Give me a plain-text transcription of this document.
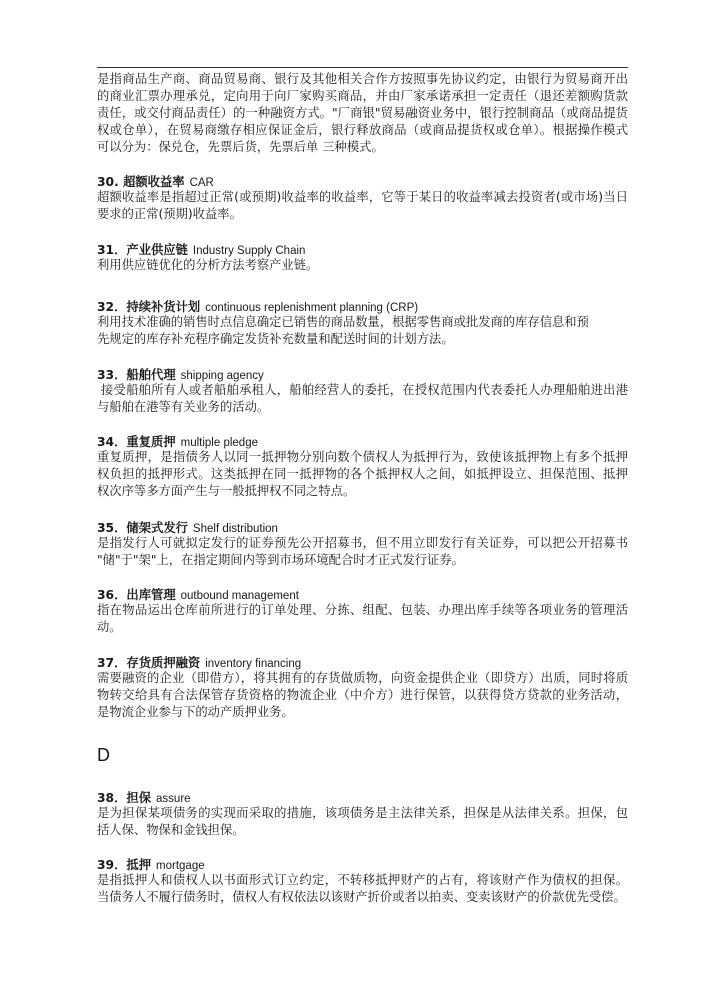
是指商品生产商、商品贸易商、银行及其他相关合作方按照事先协议约定，由银行为贸易商开出
的商业汇票办理承兑，定向用于向厂家购买商品，并由厂家承诺承担一定责任（退还差额购货款
责任，或交付商品责任）的一种融资方式。"厂商银"贸易融资业务中，银行控制商品（或商品提货
权或仓单），在贸易商缴存相应保证金后，银行释放商品（或商品提货权或仓单）。根据操作模式
可以分为：保兑仓，先票后货，先票后单 三种模式。
30. 超额收益率 CAR
超额收益率是指超过正常(或预期)收益率的收益率，它等于某日的收益率减去投资者(或市场)当日
要求的正常(预期)收益率。
31．产业供应链 Industry Supply Chain
利用供应链优化的分析方法考察产业链。
32．持续补货计划 continuous replenishment planning (CRP)
利用技术准确的销售时点信息确定已销售的商品数量，根据零售商或批发商的库存信息和预
先规定的库存补充程序确定发货补充数量和配送时间的计划方法。
33．船舶代理 shipping agency
接受船舶所有人或者船舶承租人，船舶经营人的委托，在授权范围内代表委托人办理船舶进出港
与船舶在港等有关业务的活动。
34．重复质押 multiple pledge
重复质押，是指债务人以同一抵押物分别向数个债权人为抵押行为，致使该抵押物上有多个抵押
权负担的抵押形式。这类抵押在同一抵押物的各个抵押权人之间，如抵押设立、担保范围、抵押
权次序等多方面产生与一般抵押权不同之特点。
35．储架式发行 Shelf distribution
是指发行人可就拟定发行的证券预先公开招募书，但不用立即发行有关证券，可以把公开招募书
"储"于"架"上，在指定期间内等到市场环境配合时才正式发行证券。
36．出库管理 outbound management
指在物品运出仓库前所进行的订单处理、分拣、组配、包装、办理出库手续等各项业务的管理活
动。
37．存货质押融资 inventory financing
需要融资的企业（即借方），将其拥有的存货做质物，向资金提供企业（即贷方）出质，同时将质
物转交给具有合法保管存货资格的物流企业（中介方）进行保管，以获得贷方贷款的业务活动，
是物流企业参与下的动产质押业务。
D
38．担保 assure
是为担保某项债务的实现而采取的措施，该项债务是主法律关系，担保是从法律关系。担保，包
括人保、物保和金钱担保。
39．抵押 mortgage
是指抵押人和债权人以书面形式订立约定，不转移抵押财产的占有，将该财产作为债权的担保。
当债务人不履行债务时，债权人有权依法以该财产折价或者以拍卖、变卖该财产的价款优先受偿。
